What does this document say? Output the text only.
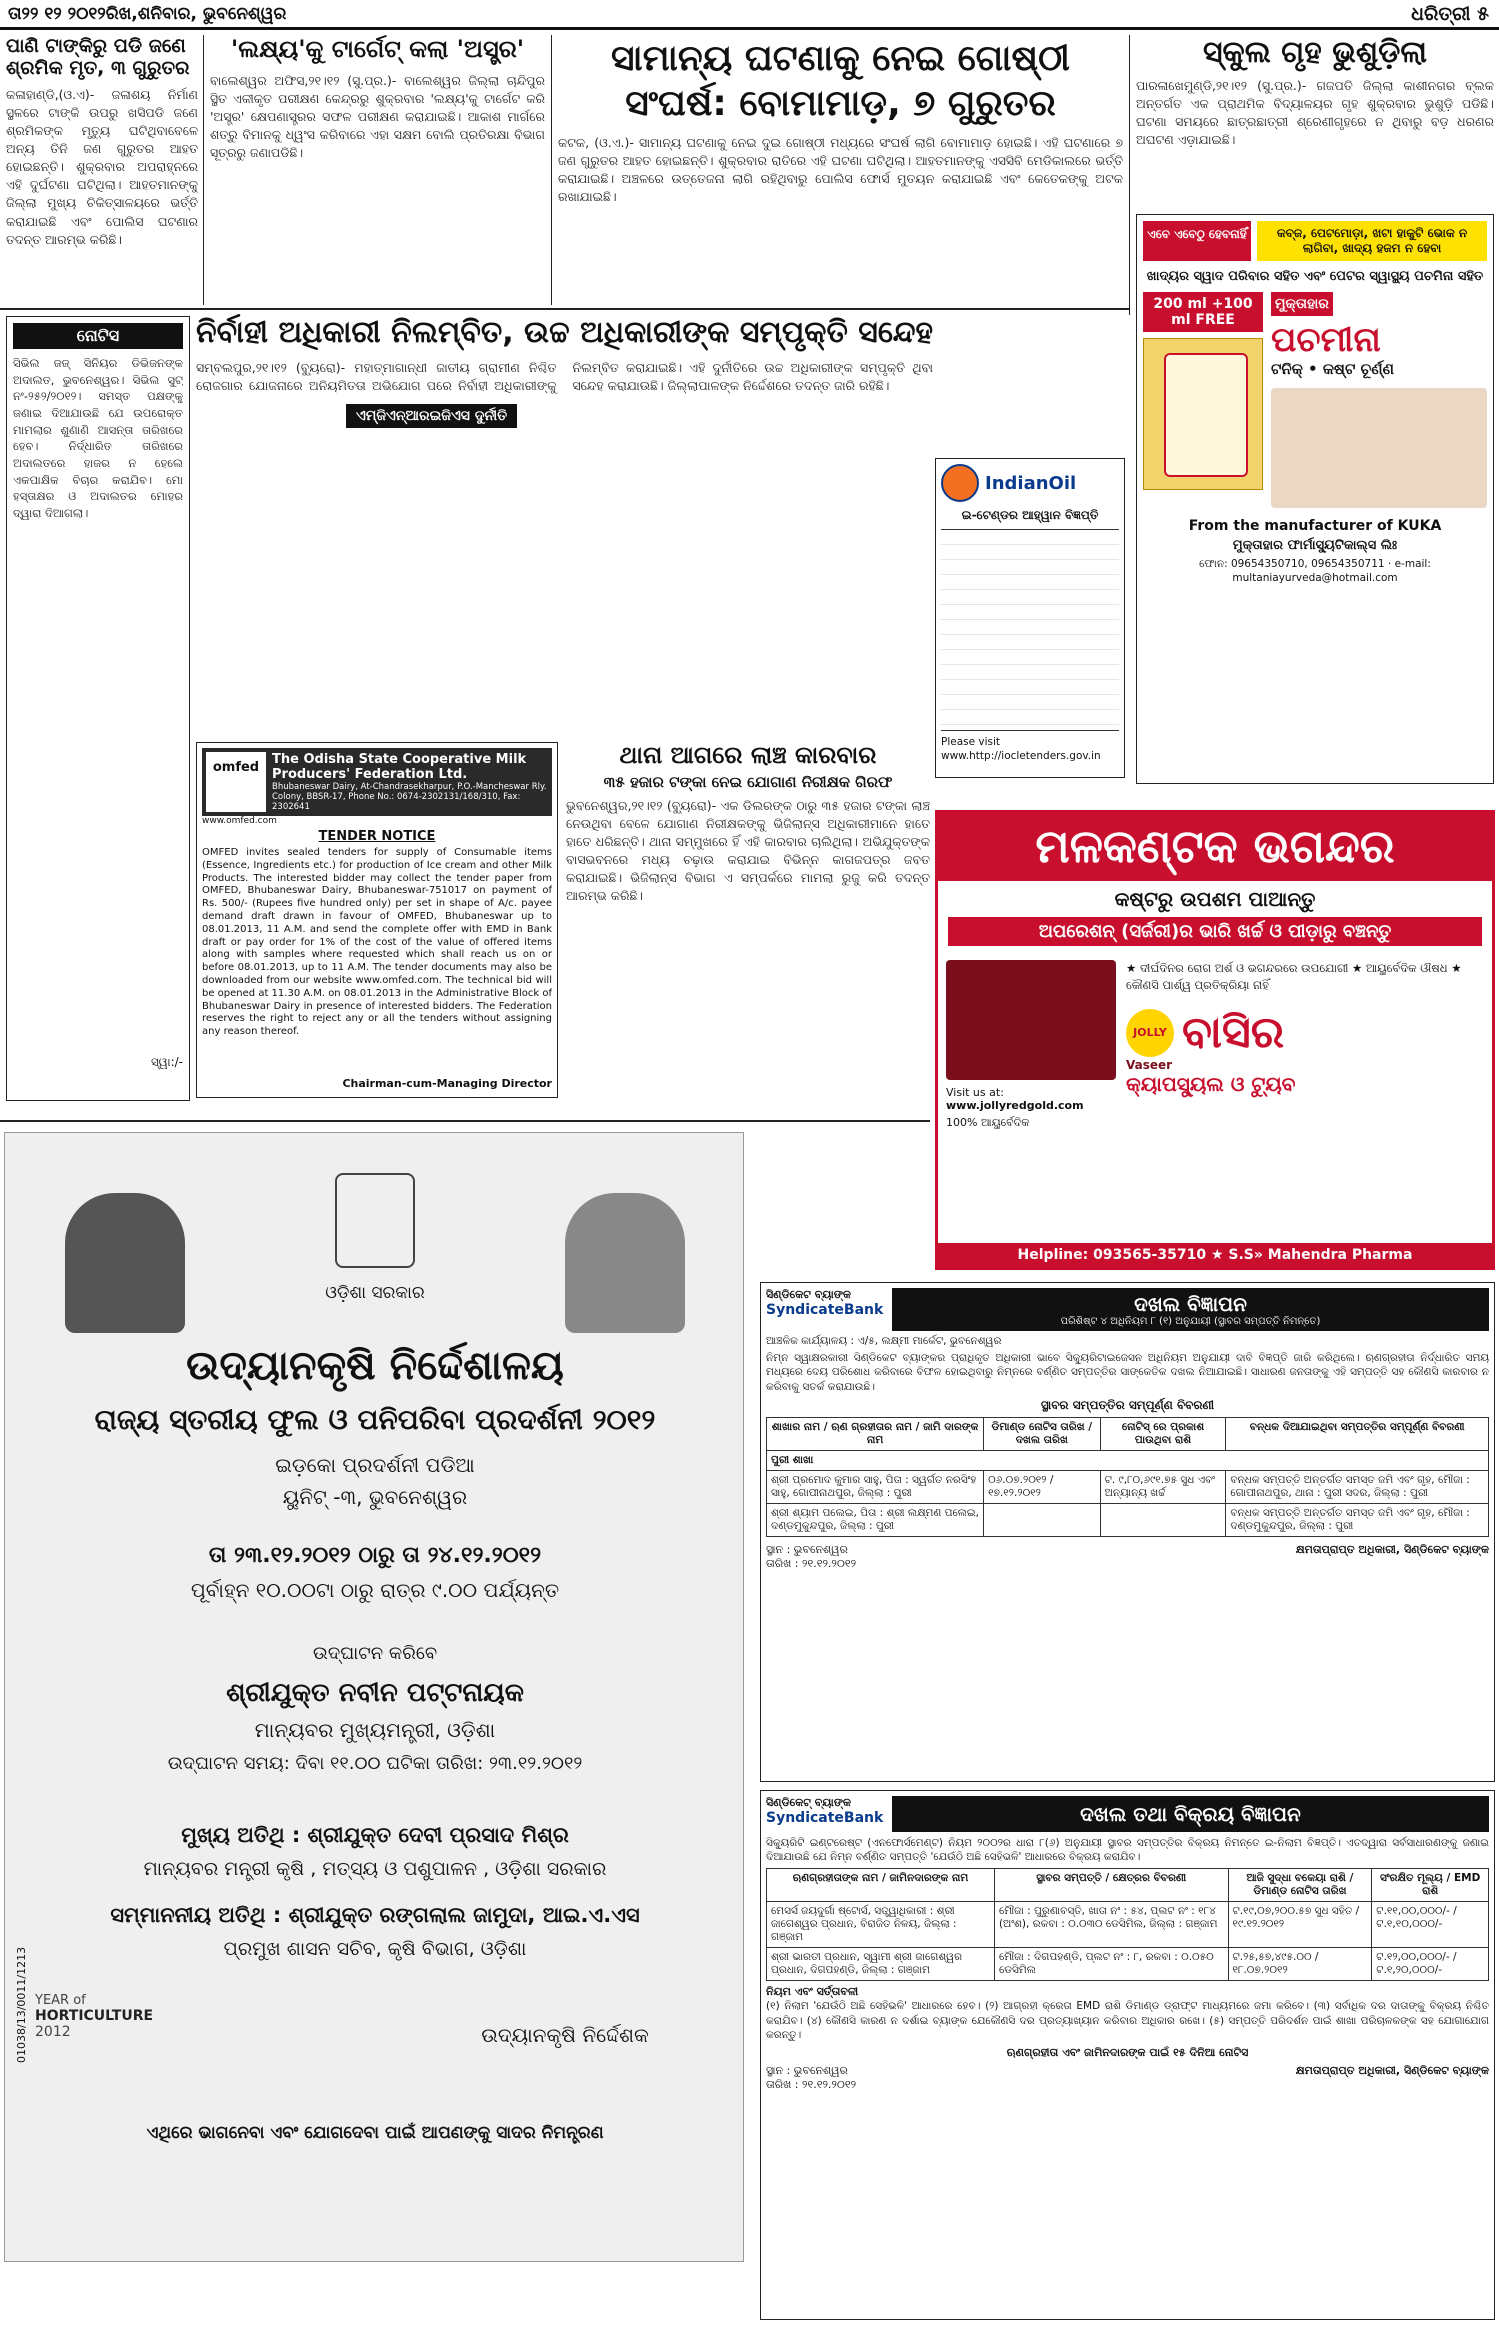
ତା୨୨ ୧୨ ୨୦୧୨ରିଖ,ଶନିବାର, ଭୁବନେଶ୍ୱର	ଧରିତ୍ରୀ ୫
ପାଣି ଟାଙ୍କିରୁ ପଡି ଜଣେ ଶ୍ରମିକ ମୃତ, ୩ ଗୁରୁତର
କଳାହାଣ୍ଡି,(ଓ.ଏ)- ଜଳାଶୟ ନିର୍ମାଣ ସ୍ଥଳରେ ଟାଙ୍କି ଉପରୁ ଖସିପଡି ଜଣେ ଶ୍ରମିକଙ୍କ ମୃତ୍ୟୁ ଘଟିଥିବାବେଳେ ଅନ୍ୟ ତିନି ଜଣ ଗୁରୁତର ଆହତ ହୋଇଛନ୍ତି। ଶୁକ୍ରବାର ଅପରାହ୍ନରେ ଏହି ଦୁର୍ଘଟଣା ଘଟିଥିଲା। ଆହତମାନଙ୍କୁ ଜିଲ୍ଲା ମୁଖ୍ୟ ଚିକିତ୍ସାଳୟରେ ଭର୍ତ୍ତି କରାଯାଇଛି ଏବଂ ପୋଲିସ ଘଟଣାର ତଦନ୍ତ ଆରମ୍ଭ କରିଛି।
'ଲକ୍ଷ୍ୟ'କୁ ଟାର୍ଗେଟ୍ କଲା 'ଅସ୍ତ୍ର'
ବାଲେଶ୍ୱର ଅଫିସ,୨୧।୧୨ (ସୁ.ପ୍ର.)- ବାଲେଶ୍ୱର ଜିଲ୍ଲା ଚାନ୍ଦିପୁର ସ୍ଥିତ ଏକୀକୃତ ପରୀକ୍ଷଣ କେନ୍ଦ୍ରରୁ ଶୁକ୍ରବାର 'ଲକ୍ଷ୍ୟ'କୁ ଟାର୍ଗେଟ କରି 'ଅସ୍ତ୍ର' କ୍ଷେପଣାସ୍ତ୍ରର ସଫଳ ପରୀକ୍ଷଣ କରାଯାଇଛି। ଆକାଶ ମାର୍ଗରେ ଶତ୍ରୁ ବିମାନକୁ ଧ୍ୱଂସ କରିବାରେ ଏହା ସକ୍ଷମ ବୋଲି ପ୍ରତିରକ୍ଷା ବିଭାଗ ସୂତ୍ରରୁ ଜଣାପଡିଛି।
ସାମାନ୍ୟ ଘଟଣାକୁ ନେଇ ଗୋଷ୍ଠୀ ସଂଘର୍ଷ: ବୋମାମାଡ଼, ୭ ଗୁରୁତର
କଟକ, (ଓ.ଏ.)- ସାମାନ୍ୟ ଘଟଣାକୁ ନେଇ ଦୁଇ ଗୋଷ୍ଠୀ ମଧ୍ୟରେ ସଂଘର୍ଷ ଲାଗି ବୋମାମାଡ଼ ହୋଇଛି। ଏହି ଘଟଣାରେ ୭ ଜଣ ଗୁରୁତର ଆହତ ହୋଇଛନ୍ତି। ଶୁକ୍ରବାର ରାତିରେ ଏହି ଘଟଣା ଘଟିଥିଲା। ଆହତମାନଙ୍କୁ ଏସସିବି ମେଡିକାଲରେ ଭର୍ତ୍ତି କରାଯାଇଛି। ଅଞ୍ଚଳରେ ଉତ୍ତେଜନା ଲାଗି ରହିଥିବାରୁ ପୋଲିସ ଫୋର୍ସ ମୁତୟନ କରାଯାଇଛି ଏବଂ କେତେକଙ୍କୁ ଅଟକ ରଖାଯାଇଛି।
ସ୍କୁଲ ଗୃହ ଭୁଶୁଡ଼ିଲା
ପାରଳାଖେମୁଣ୍ଡି,୨୧।୧୨ (ସୁ.ପ୍ର.)- ଗଜପତି ଜିଲ୍ଲା କାଶୀନଗର ବ୍ଲକ ଅନ୍ତର୍ଗତ ଏକ ପ୍ରାଥମିକ ବିଦ୍ୟାଳୟର ଗୃହ ଶୁକ୍ରବାର ଭୁଶୁଡ଼ି ପଡିଛି। ଘଟଣା ସମୟରେ ଛାତ୍ରଛାତ୍ରୀ ଶ୍ରେଣୀଗୃହରେ ନ ଥିବାରୁ ବଡ଼ ଧରଣର ଅଘଟଣ ଏଡ଼ାଯାଇଛି।
ଏବେ ଏବେଠୁ ହେବନାହିଁ	କବ୍ଜ, ପେଟମୋଡ଼ା, ଖଟା ହାକୁଟି ଭୋକ ନ ଲାଗିବା, ଖାଦ୍ୟ ହଜମ ନ ହେବା
ଖାଦ୍ୟର ସ୍ୱାଦ ପରିବାର ସହିତ ଏବଂ ପେଟର ସ୍ୱାସ୍ଥ୍ୟ ପଚମିନା ସହିତ
200 ml +100 ml FREE
ମୁକ୍ତାହାର
ପଚମୀନା
ଟନିକ୍ • କଷ୍ଟ ଚୂର୍ଣ୍ଣ
From the manufacturer of KUKA
ମୁକ୍ତାହାର ଫାର୍ମାସ୍ୟୁଟିକାଲ୍ସ ଲିଃ
ଫୋନ: 09654350710, 09654350711 · e-mail: multaniayurveda@hotmail.com
ନୋଟିସ
ସିଭିଲ ଜଜ୍ ସିନିୟର ଡିଭିଜନଙ୍କ ଅଦାଲତ, ଭୁବନେଶ୍ୱର। ସିଭିଲ ସୁଟ୍ ନଂ-୨୫୨/୨୦୧୨। ସମସ୍ତ ପକ୍ଷଙ୍କୁ ଜଣାଇ ଦିଆଯାଉଛି ଯେ ଉପରୋକ୍ତ ମାମଲାର ଶୁଣାଣି ଆସନ୍ତା ତାରିଖରେ ହେବ। ନିର୍ଦ୍ଧାରିତ ତାରିଖରେ ଅଦାଲତରେ ହାଜର ନ ହେଲେ ଏକପାକ୍ଷିକ ବିଚାର କରାଯିବ। ମୋ ହସ୍ତାକ୍ଷର ଓ ଅଦାଲତର ମୋହର ଦ୍ୱାରା ଦିଆଗଲା।
ସ୍ୱା:/-
ନିର୍ବାହୀ ଅଧିକାରୀ ନିଲମ୍ବିତ, ଉଚ୍ଚ ଅଧିକାରୀଙ୍କ ସମ୍ପୃକ୍ତି ସନ୍ଦେହ
ସମ୍ବଲପୁର,୨୧।୧୨ (ବ୍ୟୁରୋ)- ମହାତ୍ମାଗାନ୍ଧୀ ଜାତୀୟ ଗ୍ରାମୀଣ ନିଶ୍ଚିତ ରୋଜଗାର ଯୋଜନାରେ ଅନିୟମିତତା ଅଭିଯୋଗ ପରେ ନିର୍ବାହୀ ଅଧିକାରୀଙ୍କୁ ନିଲମ୍ବିତ କରାଯାଇଛି। ଏହି ଦୁର୍ନୀତିରେ ଉଚ୍ଚ ଅଧିକାରୀଙ୍କ ସମ୍ପୃକ୍ତି ଥିବା ସନ୍ଦେହ କରାଯାଉଛି। ଜିଲ୍ଲାପାଳଙ୍କ ନିର୍ଦ୍ଦେଶରେ ତଦନ୍ତ ଜାରି ରହିଛି।
ଏମ୍‌ଜିଏନ୍‌ଆରଇଜିଏସ ଦୁର୍ନୀତି
IndianOil
ଇ-ଟେଣ୍ଡର ଆହ୍ୱାନ ବିଜ୍ଞପ୍ତି
Please visit www.http://iocletenders.gov.in
omfed
The Odisha State Cooperative Milk Producers' Federation Ltd.
Bhubaneswar Dairy, At-Chandrasekharpur, P.O.-Mancheswar Rly. Colony, BBSR-17, Phone No.: 0674-2302131/168/310, Fax: 2302641
www.omfed.com
TENDER NOTICE
OMFED invites sealed tenders for supply of Consumable items (Essence, Ingredients etc.) for production of Ice cream and other Milk Products. The interested bidder may collect the tender paper from OMFED, Bhubaneswar Dairy, Bhubaneswar-751017 on payment of Rs. 500/- (Rupees five hundred only) per set in shape of A/c. payee demand draft drawn in favour of OMFED, Bhubaneswar up to 08.01.2013, 11 A.M. and send the complete offer with EMD in Bank draft or pay order for 1% of the cost of the value of offered items along with samples where requested which shall reach us on or before 08.01.2013, up to 11 A.M. The tender documents may also be downloaded from our website www.omfed.com. The technical bid will be opened at 11.30 A.M. on 08.01.2013 in the Administrative Block of Bhubaneswar Dairy in presence of interested bidders. The Federation reserves the right to reject any or all the tenders without assigning any reason thereof.
Chairman-cum-Managing Director
ଥାନା ଆଗରେ ଲାଞ୍ଚ କାରବାର
୩୫ ହଜାର ଟଙ୍କା ନେଇ ଯୋଗାଣ ନିରୀକ୍ଷକ ଗିରଫ
ଭୁବନେଶ୍ୱର,୨୧।୧୨ (ବ୍ୟୁରୋ)- ଏକ ଡିଲରଙ୍କ ଠାରୁ ୩୫ ହଜାର ଟଙ୍କା ଲାଞ୍ଚ ନେଉଥିବା ବେଳେ ଯୋଗାଣ ନିରୀକ୍ଷକଙ୍କୁ ଭିଜିଲାନ୍ସ ଅଧିକାରୀମାନେ ହାତେ ହାତେ ଧରିଛନ୍ତି। ଥାନା ସମ୍ମୁଖରେ ହିଁ ଏହି କାରବାର ଚାଲିଥିଲା। ଅଭିଯୁକ୍ତଙ୍କ ବାସଭବନରେ ମଧ୍ୟ ଚଢ଼ାଉ କରାଯାଇ ବିଭିନ୍ନ କାଗଜପତ୍ର ଜବତ କରାଯାଇଛି। ଭିଜିଲାନ୍ସ ବିଭାଗ ଏ ସମ୍ପର୍କରେ ମାମଲା ରୁଜୁ କରି ତଦନ୍ତ ଆରମ୍ଭ କରିଛି।
ମଳକଣ୍ଟକ ଭଗନ୍ଦର
କଷ୍ଟରୁ ଉପଶମ ପାଆନ୍ତୁ
ଅପରେଶନ୍ (ସର୍ଜରୀ)ର ଭାରି ଖର୍ଚ୍ଚ ଓ ପୀଡ଼ାରୁ ବଞ୍ଚନ୍ତୁ
Visit us at:
www.jollyredgold.com
100% ଆୟୁର୍ବେଦିକ
★ ଦୀର୍ଘଦିନର ରୋଗ ଅର୍ଶ ଓ ଭଗନ୍ଦରରେ ଉପଯୋଗୀ ★ ଆୟୁର୍ବେଦିକ ଔଷଧ ★ କୌଣସି ପାର୍ଶ୍ୱ ପ୍ରତିକ୍ରିୟା ନାହିଁ
JOLLY ବାସିର
Vaseer
କ୍ୟାପସ୍ୟୁଲ ଓ ଟ୍ୟୁବ
Helpline: 093565-35710 ★ S.S» Mahendra Pharma
ଓଡ଼ିଶା ସରକାର
ଉଦ୍ୟାନକୃଷି ନିର୍ଦ୍ଦେଶାଳୟ
ରାଜ୍ୟ ସ୍ତରୀୟ ଫୁଲ ଓ ପନିପରିବା ପ୍ରଦର୍ଶନୀ ୨୦୧୨
ଇଡ଼କୋ ପ୍ରଦର୍ଶନୀ ପଡିଆ
ୟୁନିଟ୍ -୩, ଭୁବନେଶ୍ୱର
ତା ୨୩.୧୨.୨୦୧୨ ଠାରୁ ତା ୨୪.୧୨.୨୦୧୨
ପୂର୍ବାହ୍ନ ୧୦.୦୦ଟା ଠାରୁ ରାତ୍ର ୯.୦୦ ପର୍ଯ୍ୟନ୍ତ
ଉଦ୍‌ଘାଟନ କରିବେ
ଶ୍ରୀଯୁକ୍ତ ନବୀନ ପଟ୍ଟନାୟକ
ମାନ୍ୟବର ମୁଖ୍ୟମନ୍ତ୍ରୀ, ଓଡ଼ିଶା
ଉଦ୍‌ଘାଟନ ସମୟ: ଦିବା ୧୧.୦୦ ଘଟିକା ତାରିଖ: ୨୩.୧୨.୨୦୧୨
ମୁଖ୍ୟ ଅତିଥି : ଶ୍ରୀଯୁକ୍ତ ଦେବୀ ପ୍ରସାଦ ମିଶ୍ର
ମାନ୍ୟବର ମନ୍ତ୍ରୀ କୃଷି , ମତ୍ସ୍ୟ ଓ ପଶୁପାଳନ , ଓଡ଼ିଶା ସରକାର
ସମ୍ମାନନୀୟ ଅତିଥି : ଶ୍ରୀଯୁକ୍ତ ରଙ୍ଗଲାଲ ଜାମୁଦା, ଆଇ.ଏ.ଏସ
ପ୍ରମୁଖ ଶାସନ ସଚିବ, କୃଷି ବିଭାଗ, ଓଡ଼ିଶା
ଉଦ୍ୟାନକୃଷି ନିର୍ଦ୍ଦେଶକ
YEAR of
HORTICULTURE
2012
01038/13/0011/1213
ଏଥିରେ ଭାଗନେବା ଏବଂ ଯୋଗଦେବା ପାଇଁ ଆପଣଙ୍କୁ ସାଦର ନିମନ୍ତ୍ରଣ
ସିଣ୍ଡିକେଟ ବ୍ୟାଙ୍କ
SyndicateBank	ଦଖଲ ବିଜ୍ଞାପନ
ପରିଶିଷ୍ଟ ୪ ଅଧିନିୟମ ୮ (୧) ଅନୁଯାୟୀ (ସ୍ଥାବର ସମ୍ପତ୍ତି ନିମନ୍ତେ)
ଆଞ୍ଚଳିକ କାର୍ଯ୍ୟାଳୟ : ଏ/୫, ଲକ୍ଷ୍ମୀ ମାର୍କେଟ, ଭୁବନେଶ୍ୱର
ନିମ୍ନ ସ୍ୱାକ୍ଷରକାରୀ ସିଣ୍ଡିକେଟ ବ୍ୟାଙ୍କର ପ୍ରାଧିକୃତ ଅଧିକାରୀ ଭାବେ ସିକ୍ୟୁରିଟାଇଜେସନ ଅଧିନିୟମ ଅନୁଯାୟୀ ଦାବି ବିଜ୍ଞପ୍ତି ଜାରି କରିଥିଲେ। ଋଣଗ୍ରହୀତା ନିର୍ଦ୍ଧାରିତ ସମୟ ମଧ୍ୟରେ ଦେୟ ପରିଶୋଧ କରିବାରେ ବିଫଳ ହୋଇଥିବାରୁ ନିମ୍ନରେ ବର୍ଣ୍ଣିତ ସମ୍ପତ୍ତିର ସାଙ୍କେତିକ ଦଖଲ ନିଆଯାଇଛି। ସାଧାରଣ ଜନତାଙ୍କୁ ଏହି ସମ୍ପତ୍ତି ସହ କୌଣସି କାରବାର ନ କରିବାକୁ ସତର୍କ କରାଯାଉଛି।
ସ୍ଥାବର ସମ୍ପତ୍ତିର ସମ୍ପୂର୍ଣ୍ଣ ବିବରଣୀ
ଶାଖାର ନାମ / ଋଣ ଗ୍ରହୀତାର ନାମ / ଜାମି ଦାରଙ୍କ ନାମ	ଡିମାଣ୍ଡ ନୋଟିସ ତାରିଖ / ଦଖଲ ତାରିଖ	ନୋଟିସ୍ ରେ ପ୍ରକାଶ ପାଉଥିବା ରାଶି	ବନ୍ଧକ ଦିଆଯାଇଥିବା ସମ୍ପତ୍ତିର ସମ୍ପୂର୍ଣ୍ଣ ବିବରଣୀ
ପୁରୀ ଶାଖା			
ଶ୍ରୀ ପ୍ରମୋଦ କୁମାର ସାହୁ, ପିତା : ସ୍ୱର୍ଗତ ନରସିଂହ ସାହୁ, ଗୋପୀନାଥପୁର, ଜିଲ୍ଲା : ପୁରୀ	୦୬.୦୭.୨୦୧୨ / ୧୭.୧୨.୨୦୧୨	ଟ. ୯,୮୦,୬୯୧.୭୫ ସୁଧ ଏବଂ ଅନ୍ୟାନ୍ୟ ଖର୍ଚ୍ଚ	ବନ୍ଧକ ସମ୍ପତ୍ତି ଅନ୍ତର୍ଗତ ସମସ୍ତ ଜମି ଏବଂ ଗୃହ, ମୌଜା : ଗୋପୀନାଥପୁର, ଥାନା : ପୁରୀ ସଦର, ଜିଲ୍ଲା : ପୁରୀ
ଶ୍ରୀ ଶ୍ୟାମ ପଲେଇ, ପିତା : ଶ୍ରୀ ଲକ୍ଷ୍ମଣ ପଲେଇ, ଦଣ୍ଡମୁକୁନ୍ଦପୁର, ଜିଲ୍ଲା : ପୁରୀ			ବନ୍ଧକ ସମ୍ପତ୍ତି ଅନ୍ତର୍ଗତ ସମସ୍ତ ଜମି ଏବଂ ଗୃହ, ମୌଜା : ଦଣ୍ଡମୁକୁନ୍ଦପୁର, ଜିଲ୍ଲା : ପୁରୀ
ସ୍ଥାନ : ଭୁବନେଶ୍ୱର
ତାରିଖ : ୨୧.୧୨.୨୦୧୨
କ୍ଷମତାପ୍ରାପ୍ତ ଅଧିକାରୀ, ସିଣ୍ଡିକେଟ ବ୍ୟାଙ୍କ
ସିଣ୍ଡିକେଟ୍ ବ୍ୟାଙ୍କ
SyndicateBank	ଦଖଲ ତଥା ବିକ୍ରୟ ବିଜ୍ଞାପନ
ସିକ୍ୟୁରିଟି ଇଣ୍ଟରେଷ୍ଟ (ଏନଫୋର୍ସମେଣ୍ଟ) ନିୟମ ୨୦୦୨ର ଧାରା ୮(୬) ଅନୁଯାୟୀ ସ୍ଥାବର ସମ୍ପତ୍ତିର ବିକ୍ରୟ ନିମନ୍ତେ ଇ-ନିଲାମ ବିଜ୍ଞପ୍ତି। ଏତଦ୍ୱାରା ସର୍ବସାଧାରଣଙ୍କୁ ଜଣାଇ ଦିଆଯାଉଛି ଯେ ନିମ୍ନ ବର୍ଣ୍ଣିତ ସମ୍ପତ୍ତି 'ଯେଉଁଠି ଅଛି ସେହିଭଳି' ଆଧାରରେ ବିକ୍ରୟ କରାଯିବ।
ଋଣଗ୍ରହୀତାଙ୍କ ନାମ / ଜାମିନଦାରଙ୍କ ନାମ	ସ୍ଥାବର ସମ୍ପତ୍ତି / କ୍ଷେତ୍ରର ବିବରଣୀ	ଆଜି ସୁଦ୍ଧା ବକେୟା ରାଶି / ଡିମାଣ୍ଡ ନୋଟିସ ତାରିଖ	ସଂରକ୍ଷିତ ମୂଲ୍ୟ / EMD ରାଶି
ମେସର୍ସ ଜୟଦୁର୍ଗା ଷ୍ଟୋର୍ସ, ସତ୍ତ୍ୱାଧିକାରୀ : ଶ୍ରୀ ଜାଗେଶ୍ୱର ପ୍ରଧାନ, ବିରାଜିତ ନିଳୟ, ଜିଲ୍ଲା : ଗଞ୍ଜାମ	ମୌଜା : ପୁରୁଣାବସ୍ତି, ଖାତା ନଂ : ୫୪, ପ୍ଲଟ ନଂ : ୧୮୪ (ଅଂଶ), ରକବା : ୦.୦୩୦ ଡେସିମିଲ, ଜିଲ୍ଲା : ଗଞ୍ଜାମ	ଟ.୧୯,୦୭,୨୦୦.୫୭ ସୁଧ ସହିତ / ୧୯.୧୨.୨୦୧୨	ଟ.୧୧,୦୦,୦୦୦/- / ଟ.୧,୧୦,୦୦୦/-
ଶ୍ରୀ ଭାରତୀ ପ୍ରଧାନ, ସ୍ୱାମୀ ଶ୍ରୀ ଜାଗେଶ୍ୱର ପ୍ରଧାନ, ଦିଗପହଣ୍ଡି, ଜିଲ୍ଲା : ଗଞ୍ଜାମ	ମୌଜା : ଦିଗପହଣ୍ଡି, ପ୍ଲଟ ନଂ : ୮, ରକବା : ୦.୦୫୦ ଡେସିମିଲ	ଟ.୨୫,୫୭,୪୯୫.୦୦ / ୧୮.୦୭.୨୦୧୨	ଟ.୧୨,୦୦,୦୦୦/- / ଟ.୧,୨୦,୦୦୦/-
ନିୟମ ଏବଂ ସର୍ତ୍ତାବଳୀ
(୧) ନିଲାମ 'ଯେଉଁଠି ଅଛି ସେହିଭଳି' ଆଧାରରେ ହେବ। (୨) ଆଗ୍ରହୀ କ୍ରେତା EMD ରାଶି ଡିମାଣ୍ଡ ଡ୍ରାଫ୍ଟ ମାଧ୍ୟମରେ ଜମା କରିବେ। (୩) ସର୍ବାଧିକ ଦର ଦାତାଙ୍କୁ ବିକ୍ରୟ ନିଶ୍ଚିତ କରାଯିବ। (୪) କୌଣସି କାରଣ ନ ଦର୍ଶାଇ ବ୍ୟାଙ୍କ ଯେକୌଣସି ଦର ପ୍ରତ୍ୟାଖ୍ୟାନ କରିବାର ଅଧିକାର ରଖେ। (୫) ସମ୍ପତ୍ତି ପରିଦର୍ଶନ ପାଇଁ ଶାଖା ପରିଚାଳକଙ୍କ ସହ ଯୋଗାଯୋଗ କରନ୍ତୁ।
ଋଣଗ୍ରହୀତା ଏବଂ ଜାମିନଦାରଙ୍କ ପାଇଁ ୧୫ ଦିନିଆ ନୋଟିସ
ସ୍ଥାନ : ଭୁବନେଶ୍ୱର
ତାରିଖ : ୨୧.୧୨.୨୦୧୨
କ୍ଷମତାପ୍ରାପ୍ତ ଅଧିକାରୀ, ସିଣ୍ଡିକେଟ ବ୍ୟାଙ୍କ
